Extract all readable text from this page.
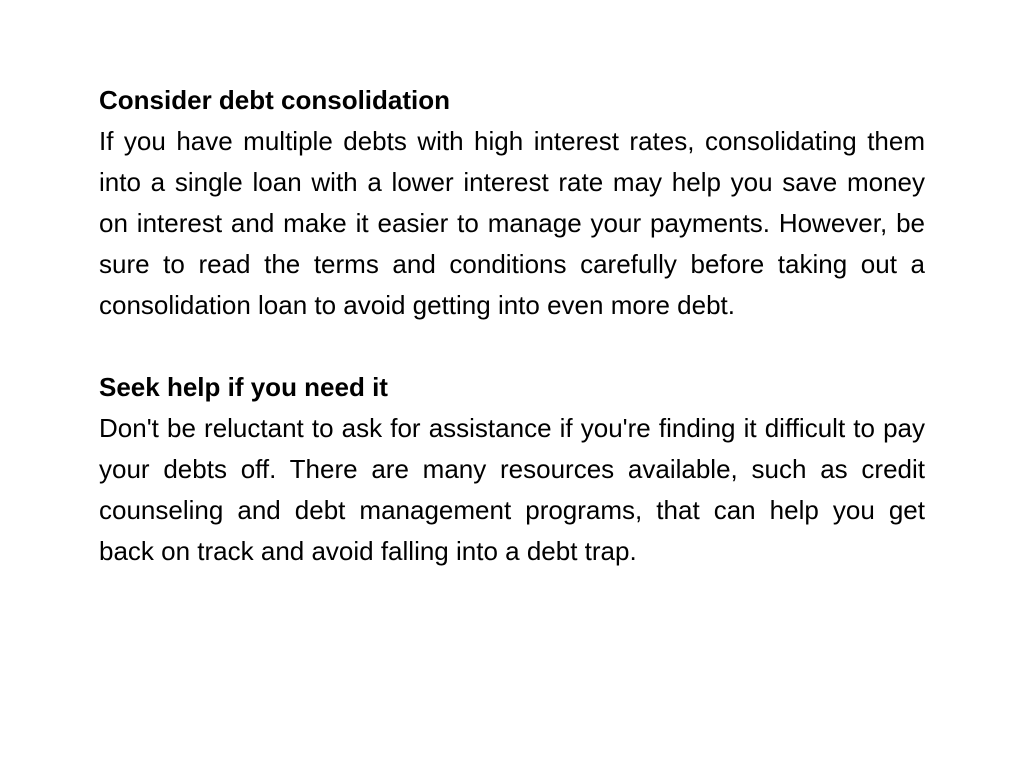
Consider debt consolidation

If you have multiple debts with high interest rates, consolidating them into a single loan with a lower interest rate may help you save money on interest and make it easier to manage your payments. However, be sure to read the terms and conditions carefully before taking out a consolidation loan to avoid getting into even more debt.

Seek help if you need it

Don't be reluctant to ask for assistance if you're finding it difficult to pay your debts off. There are many resources available, such as credit counseling and debt management programs, that can help you get back on track and avoid falling into a debt trap.
